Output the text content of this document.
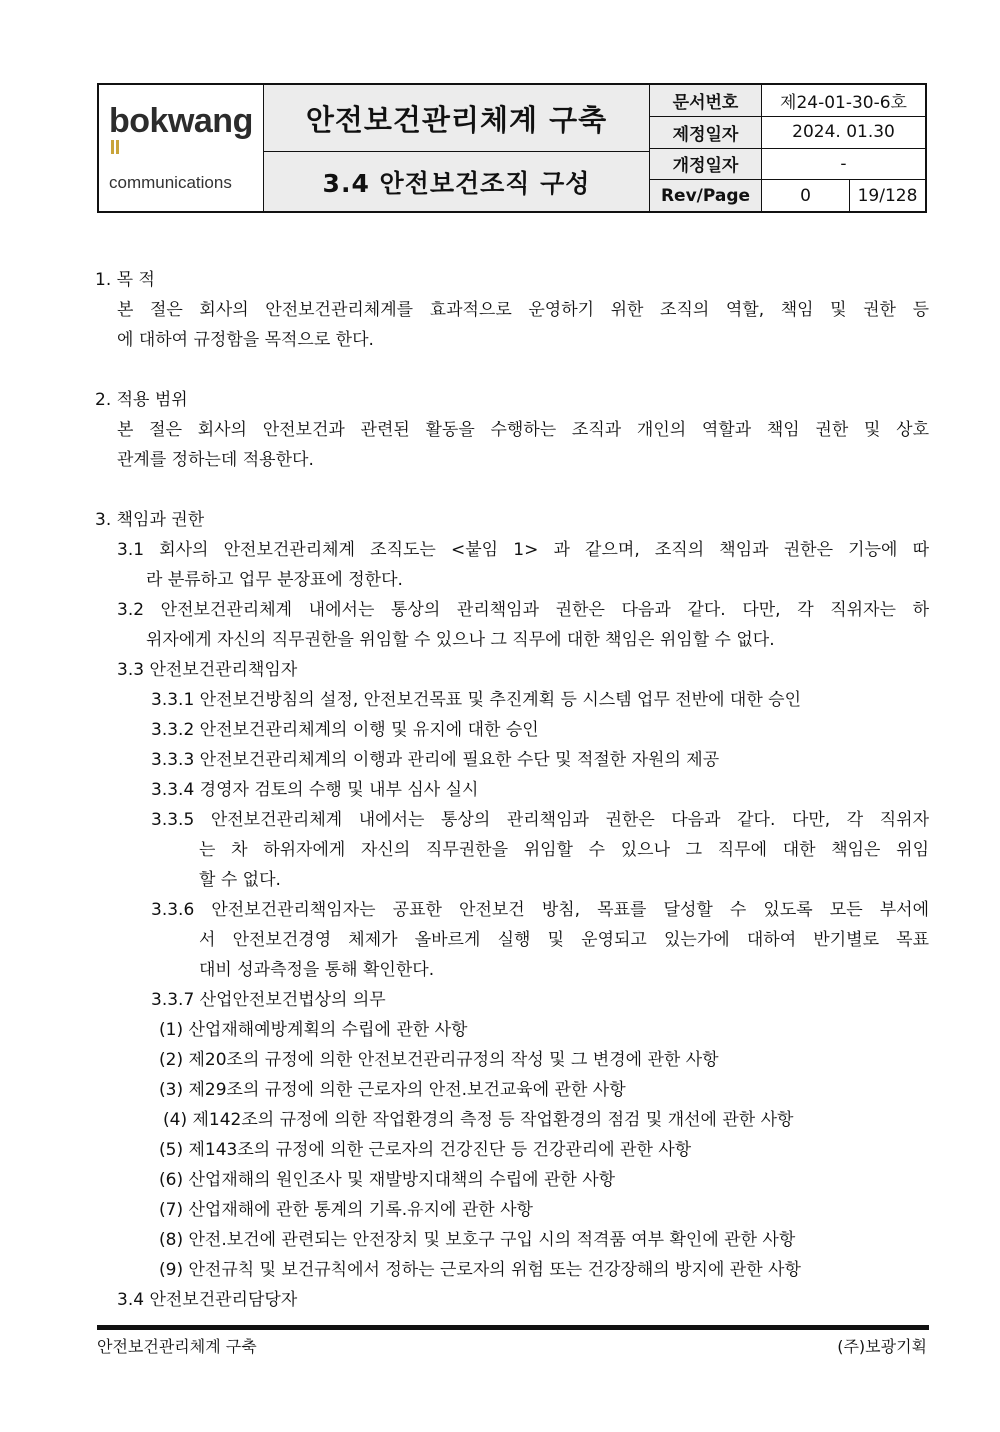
bokwang
communications
안전보건관리체계 구축
3.4 안전보건조직 구성
문서번호	제24-01-30-6호
제정일자	2024. 01.30
개정일자	-
Rev/Page	0	19/128
1. 목 적
본 절은 회사의 안전보건관리체계를 효과적으로 운영하기 위한 조직의 역할, 책임 및 권한 등
에 대하여 규정함을 목적으로 한다.
2. 적용 범위
본 절은 회사의 안전보건과 관련된 활동을 수행하는 조직과 개인의 역할과 책임 권한 및 상호
관계를 정하는데 적용한다.
3. 책임과 권한
3.1 회사의 안전보건관리체계 조직도는 <붙임 1> 과 같으며, 조직의 책임과 권한은 기능에 따
라 분류하고 업무 분장표에 정한다.
3.2 안전보건관리체계 내에서는 통상의 관리책임과 권한은 다음과 같다. 다만, 각 직위자는 하
위자에게 자신의 직무권한을 위임할 수 있으나 그 직무에 대한 책임은 위임할 수 없다.
3.3 안전보건관리책임자
3.3.1 안전보건방침의 설정, 안전보건목표 및 추진계획 등 시스템 업무 전반에 대한 승인
3.3.2 안전보건관리체계의 이행 및 유지에 대한 승인
3.3.3 안전보건관리체계의 이행과 관리에 필요한 수단 및 적절한 자원의 제공
3.3.4 경영자 검토의 수행 및 내부 심사 실시
3.3.5 안전보건관리체계 내에서는 통상의 관리책임과 권한은 다음과 같다. 다만, 각 직위자
는 차 하위자에게 자신의 직무권한을 위임할 수 있으나 그 직무에 대한 책임은 위임
할 수 없다.
3.3.6 안전보건관리책임자는 공표한 안전보건 방침, 목표를 달성할 수 있도록 모든 부서에
서 안전보건경영 체제가 올바르게 실행 및 운영되고 있는가에 대하여 반기별로 목표
대비 성과측정을 통해 확인한다.
3.3.7 산업안전보건법상의 의무
(1) 산업재해예방계획의 수립에 관한 사항
(2) 제20조의 규정에 의한 안전보건관리규정의 작성 및 그 변경에 관한 사항
(3) 제29조의 규정에 의한 근로자의 안전.보건교육에 관한 사항
(4) 제142조의 규정에 의한 작업환경의 측정 등 작업환경의 점검 및 개선에 관한 사항
(5) 제143조의 규정에 의한 근로자의 건강진단 등 건강관리에 관한 사항
(6) 산업재해의 원인조사 및 재발방지대책의 수립에 관한 사항
(7) 산업재해에 관한 통계의 기록.유지에 관한 사항
(8) 안전.보건에 관련되는 안전장치 및 보호구 구입 시의 적격품 여부 확인에 관한 사항
(9) 안전규칙 및 보건규칙에서 정하는 근로자의 위험 또는 건강장해의 방지에 관한 사항
3.4 안전보건관리담당자
안전보건관리체계 구축	(주)보광기획
